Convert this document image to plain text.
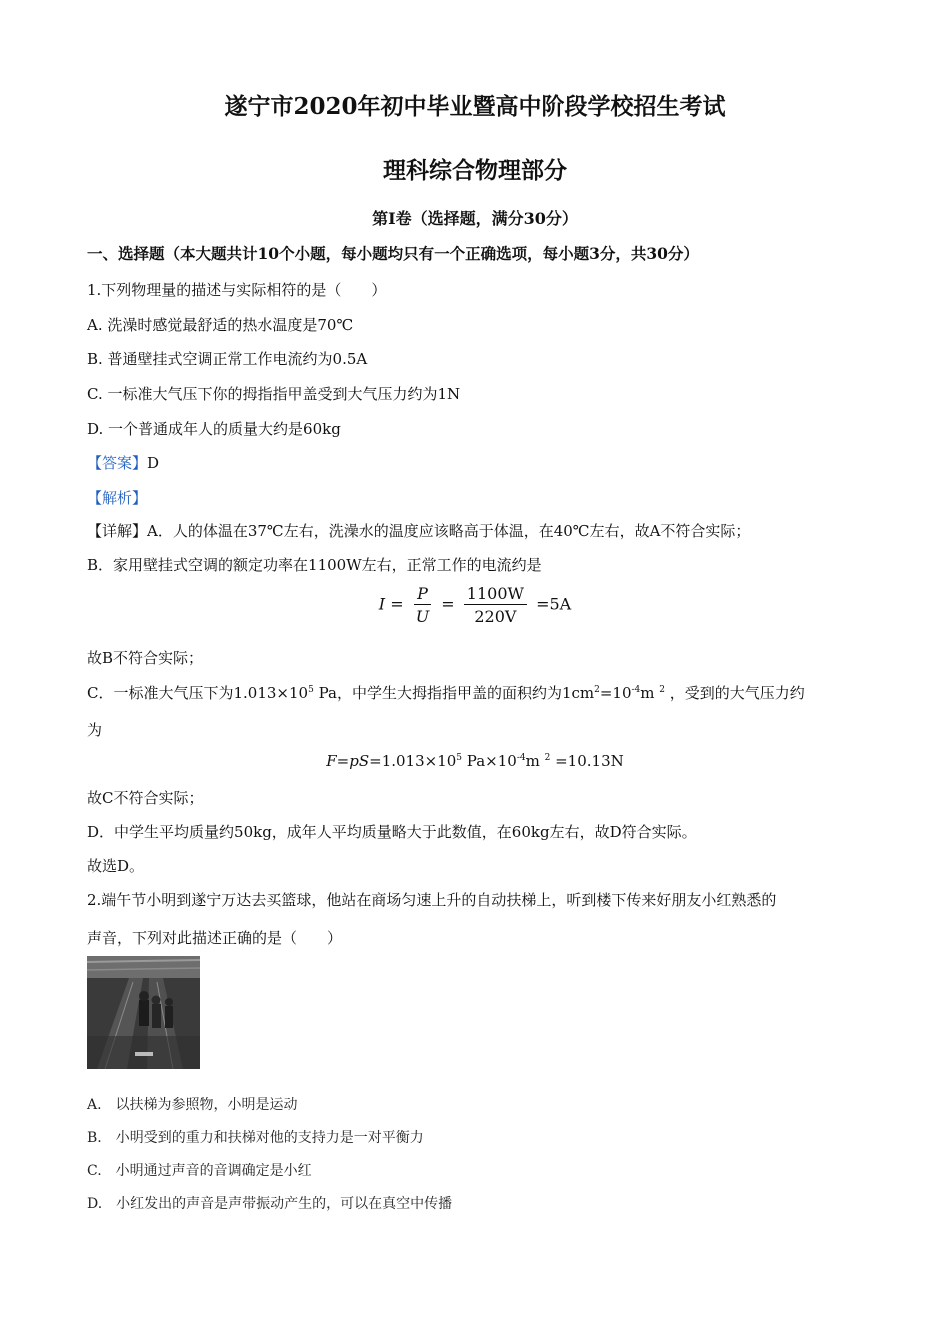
遂宁市2020年初中毕业暨高中阶段学校招生考试
理科综合物理部分
第I卷（选择题，满分30分）
一、选择题（本大题共计10个小题，每小题均只有一个正确选项，每小题3分，共30分）
1.下列物理量的描述与实际相符的是（　　）
A. 洗澡时感觉最舒适的热水温度是70℃
B. 普通壁挂式空调正常工作电流约为0.5A
C. 一标准大气压下你的拇指指甲盖受到大气压力约为1N
D. 一个普通成年人的质量大约是60kg
【答案】D
【解析】
【详解】A．人的体温在37℃左右，洗澡水的温度应该略高于体温，在40℃左右，故A不符合实际；
B．家用壁挂式空调的额定功率在1100W左右，正常工作的电流约是
$I = \frac{P}{U} = \frac{1100W}{220V} =5A$
故B不符合实际；
C．一标准大气压下为$1.013\times 10^5$ Pa，中学生大拇指指甲盖的面积约为$1cm^2=10^{-4}m$ $^2$ ，受到的大气压力约
为
$F=pS=1.013\times 10^5$ $Pa\times 10^{-4}m$ $^2$ =10.13N
故C不符合实际；
D．中学生平均质量约50kg，成年人平均质量略大于此数值，在60kg左右，故D符合实际。
故选D。
2.端午节小明到遂宁万达去买篮球，他站在商场匀速上升的自动扶梯上，听到楼下传来好朋友小红熟悉的
声音，下列对此描述正确的是（　　）
A.　以扶梯为参照物，小明是运动
B.　小明受到的重力和扶梯对他的支持力是一对平衡力
C.　小明通过声音的音调确定是小红
D.　小红发出的声音是声带振动产生的，可以在真空中传播
